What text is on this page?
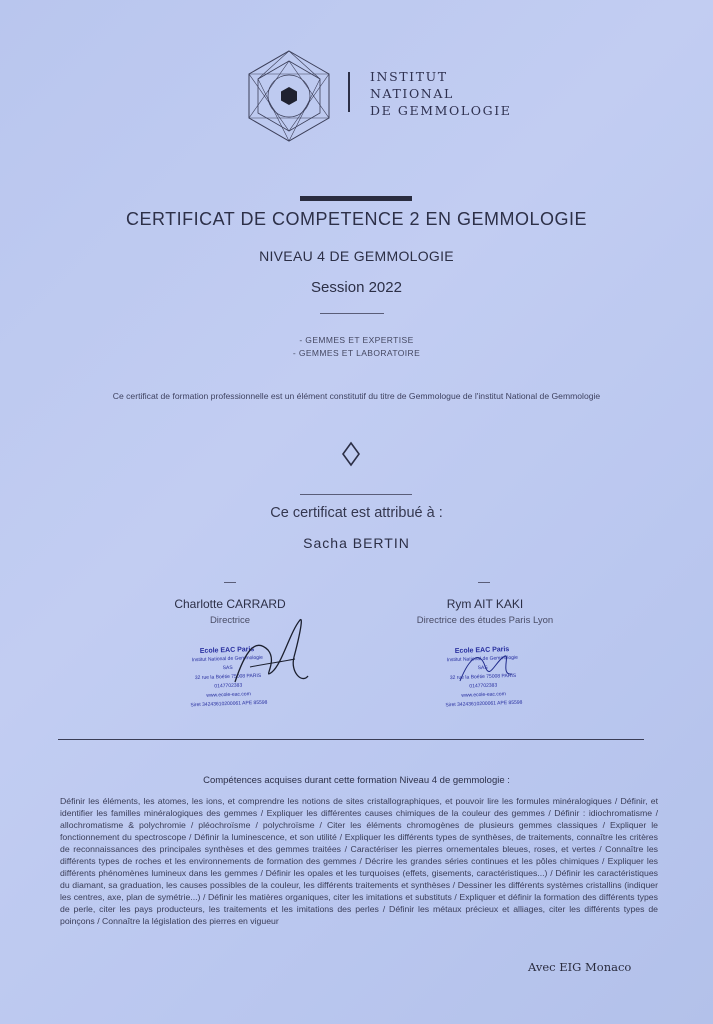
INSTITUT
NATIONAL
DE GEMMOLOGIE
CERTIFICAT DE COMPETENCE 2 EN GEMMOLOGIE
NIVEAU 4 DE GEMMOLOGIE
Session 2022
- GEMMES ET EXPERTISE
- GEMMES ET LABORATOIRE
Ce certificat de formation professionnelle est un élément constitutif du titre de Gemmologue de l'institut National de Gemmologie
Ce certificat est attribué à :
Sacha BERTIN
Charlotte CARRARD
Directrice
Ecole EAC Paris
Institut National de Gemmologie
SAS
32 rue la Boétie 75008 PARIS
0147702383
www.ecole-eac.com
Siret 34243610200061 APE 85598
Rym AIT KAKI
Directrice des études Paris Lyon
Ecole EAC Paris
Institut National de Gemmologie
SAS
32 rue la Boétie 75008 PARIS
0147702383
www.ecole-eac.com
Siret 34243610200061 APE 85598
Compétences acquises durant cette formation Niveau 4 de gemmologie :
Définir les éléments, les atomes, les ions, et comprendre les notions de sites cristallographiques, et pouvoir lire les formules minéralogiques / Définir, et identifier les familles minéralogiques des gemmes / Expliquer les différentes causes chimiques de la couleur des gemmes / Définir : idiochromatisme / allochromatisme & polychromie / pléochroïsme / polychroïsme / Citer les éléments chromogènes de plusieurs gemmes classiques / Expliquer le fonctionnement du spectroscope / Définir la luminescence, et son utilité / Expliquer les différents types de synthèses, de traitements, connaître les critères de reconnaissances des principales synthèses et des gemmes traitées / Caractériser les pierres ornementales bleues, roses, et vertes / Connaître les différents types de roches et les environnements de formation des gemmes / Décrire les grandes séries continues et les pôles chimiques / Expliquer les différents phénomènes lumineux dans les gemmes / Définir les opales et les turquoises (effets, gisements, caractéristiques...) / Définir les caractéristiques du diamant, sa graduation, les causes possibles de la couleur, les différents traitements et synthèses / Dessiner les différents systèmes cristallins (indiquer les centres, axe, plan de symétrie...) / Définir les matières organiques, citer les imitations et substituts / Expliquer et définir la formation des différents types de perle, citer les pays producteurs, les traitements et les imitations des perles / Définir les métaux précieux et alliages, citer les différents types de poinçons / Connaître la législation des pierres en vigueur
Avec EIG Monaco
